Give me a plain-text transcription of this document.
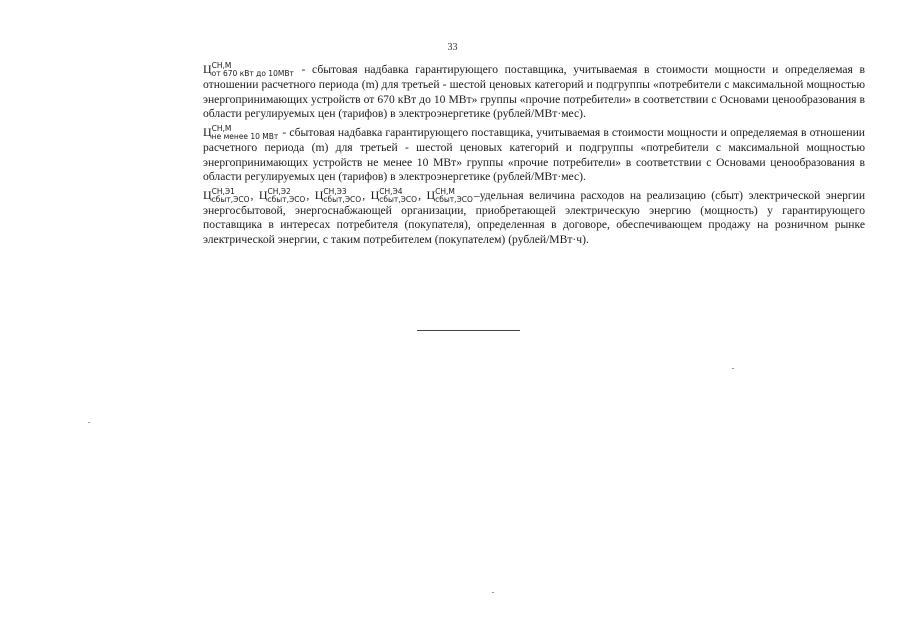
33

Ц СН,М
от 670 кВт до 10МВт - сбытовая надбавка гарантирующего поставщика, учитываемая в стоимости мощности и определяемая в отношении расчетного периода (m) для третьей - шестой ценовых категорий и подгруппы «потребители с максимальной мощностью энергопринимающих устройств от 670 кВт до 10 МВт» группы «прочие потребители» в соответствии с Основами ценообразования в области регулируемых цен (тарифов) в электроэнергетике (рублей/МВт·мес).

Ц СН,М
не менее 10 МВт - сбытовая надбавка гарантирующего поставщика, учитываемая в стоимости мощности и определяемая в отношении расчетного периода (m) для третьей - шестой ценовых категорий и подгруппы «потребители с максимальной мощностью энергопринимающих устройств не менее 10 МВт» группы «прочие потребители» в соответствии с Основами ценообразования в области регулируемых цен (тарифов) в электроэнергетике (рублей/МВт·мес).

Ц СН,Э1
сбыт,ЭСО , Ц СН,Э2
сбыт,ЭСО , Ц СН,Э3
сбыт,ЭСО , Ц СН,Э4
сбыт,ЭСО , Ц СН,М
сбыт,ЭСО –удельная величина расходов на реализацию (сбыт) электрической энергии энергосбытовой, энергоснабжающей организации, приобретающей электрическую энергию (мощность) у гарантирующего поставщика в интересах потребителя (покупателя), определенная в договоре, обеспечивающем продажу на розничном рынке электрической энергии, с таким потребителем (покупателем) (рублей/МВт·ч).
